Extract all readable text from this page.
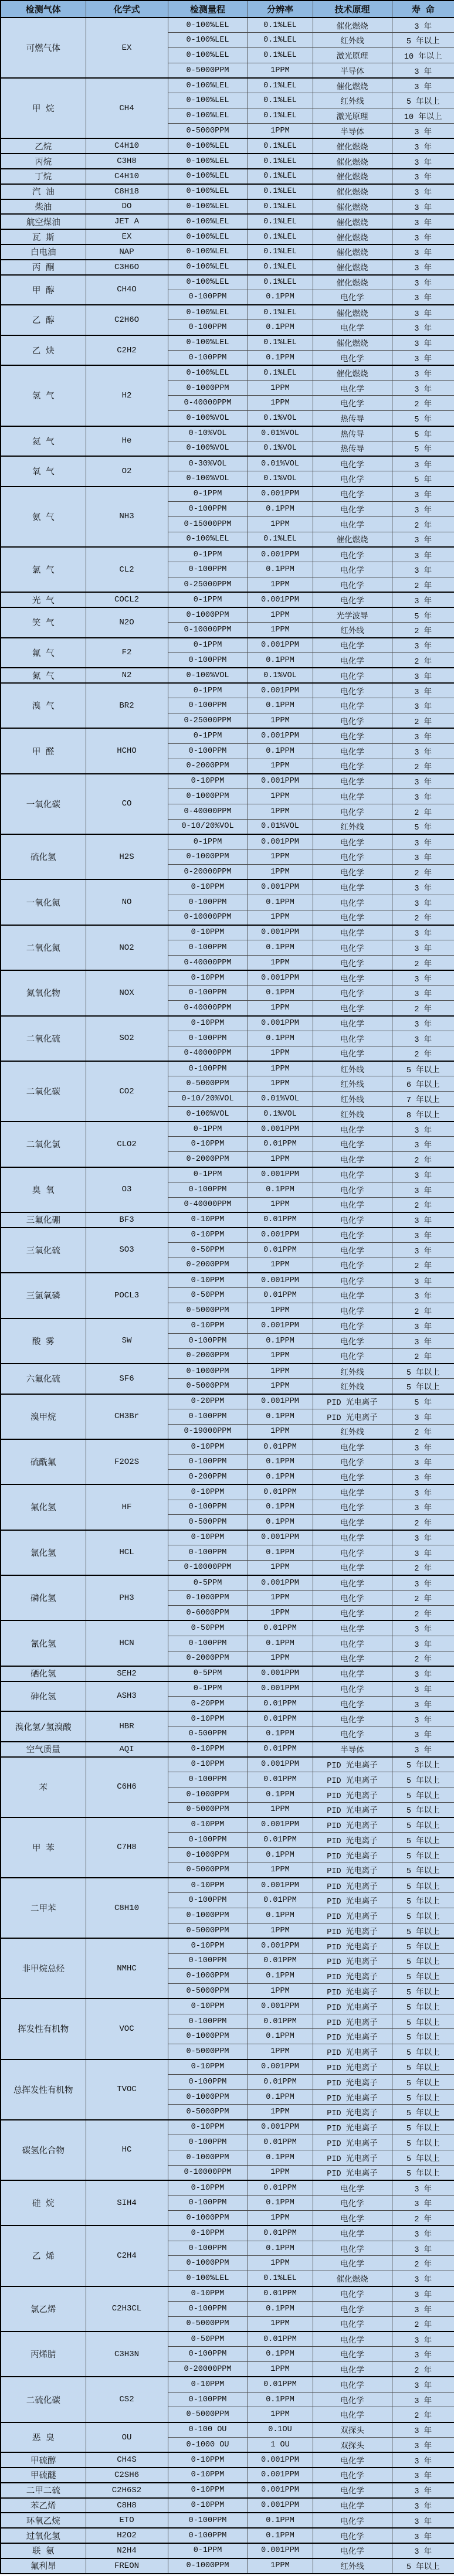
检测气体	化学式	检测量程	分辨率	技术原理	寿 命
可燃气体	EX	0-100%LEL	0.1%LEL	催化燃烧	3 年
		0-100%LEL	0.1%LEL	红外线	5 年以上
		0-100%LEL	0.1%LEL	激光原理	10 年以上
		0-5000PPM	1PPM	半导体	3 年
甲 烷	CH4	0-100%LEL	0.1%LEL	催化燃烧	3 年
		0-100%LEL	0.1%LEL	红外线	5 年以上
		0-100%LEL	0.1%LEL	激光原理	10 年以上
		0-5000PPM	1PPM	半导体	3 年
乙烷	C4H10	0-100%LEL	0.1%LEL	催化燃烧	3 年
丙烷	C3H8	0-100%LEL	0.1%LEL	催化燃烧	3 年
丁烷	C4H10	0-100%LEL	0.1%LEL	催化燃烧	3 年
汽 油	C8H18	0-100%LEL	0.1%LEL	催化燃烧	3 年
柴油	DO	0-100%LEL	0.1%LEL	催化燃烧	3 年
航空煤油	JET A	0-100%LEL	0.1%LEL	催化燃烧	3 年
瓦 斯	EX	0-100%LEL	0.1%LEL	催化燃烧	3 年
白电油	NAP	0-100%LEL	0.1%LEL	催化燃烧	3 年
丙 酮	C3H6O	0-100%LEL	0.1%LEL	催化燃烧	3 年
甲 醇	CH4O	0-100%LEL	0.1%LEL	催化燃烧	3 年
		0-100PPM	0.1PPM	电化学	3 年
乙 醇	C2H6O	0-100%LEL	0.1%LEL	催化燃烧	3 年
		0-100PPM	0.1PPM	电化学	3 年
乙 炔	C2H2	0-100%LEL	0.1%LEL	催化燃烧	3 年
		0-100PPM	0.1PPM	电化学	3 年
氢 气	H2	0-100%LEL	0.1%LEL	催化燃烧	3 年
		0-1000PPM	1PPM	电化学	3 年
		0-40000PPM	1PPM	电化学	2 年
		0-100%VOL	0.1%VOL	热传导	5 年
氦 气	He	0-10%VOL	0.01%VOL	热传导	5 年
		0-100%VOL	0.1%VOL	热传导	5 年
氧 气	O2	0-30%VOL	0.01%VOL	电化学	3 年
		0-100%VOL	0.1%VOL	电化学	5 年
氨 气	NH3	0-1PPM	0.001PPM	电化学	3 年
		0-100PPM	0.1PPM	电化学	3 年
		0-15000PPM	1PPM	电化学	2 年
		0-100%LEL	0.1%LEL	催化燃烧	3 年
氯 气	CL2	0-1PPM	0.001PPM	电化学	3 年
		0-100PPM	0.1PPM	电化学	3 年
		0-25000PPM	1PPM	电化学	2 年
光 气	COCL2	0-1PPM	0.001PPM	电化学	3 年
笑 气	N2O	0-1000PPM	1PPM	光学波导	5 年
		0-10000PPM	1PPM	红外线	2 年
氟 气	F2	0-1PPM	0.001PPM	电化学	3 年
		0-100PPM	0.1PPM	电化学	2 年
氮 气	N2	0-100%VOL	0.1%VOL	电化学	3 年
溴 气	BR2	0-1PPM	0.001PPM	电化学	3 年
		0-100PPM	0.1PPM	电化学	3 年
		0-25000PPM	1PPM	电化学	2 年
甲 醛	HCHO	0-1PPM	0.001PPM	电化学	3 年
		0-100PPM	0.1PPM	电化学	3 年
		0-2000PPM	1PPM	电化学	2 年
一氧化碳	CO	0-10PPM	0.001PPM	电化学	3 年
		0-1000PPM	1PPM	电化学	3 年
		0-40000PPM	1PPM	电化学	2 年
		0-10/20%VOL	0.01%VOL	红外线	5 年
硫化氢	H2S	0-1PPM	0.001PPM	电化学	3 年
		0-1000PPM	1PPM	电化学	3 年
		0-20000PPM	1PPM	电化学	2 年
一氧化氮	NO	0-10PPM	0.001PPM	电化学	3 年
		0-100PPM	0.1PPM	电化学	3 年
		0-10000PPM	1PPM	电化学	2 年
二氧化氮	NO2	0-10PPM	0.001PPM	电化学	3 年
		0-100PPM	0.1PPM	电化学	3 年
		0-40000PPM	1PPM	电化学	2 年
氮氧化物	NOX	0-10PPM	0.001PPM	电化学	3 年
		0-100PPM	0.1PPM	电化学	3 年
		0-40000PPM	1PPM	电化学	2 年
二氧化硫	SO2	0-10PPM	0.001PPM	电化学	3 年
		0-100PPM	0.1PPM	电化学	3 年
		0-40000PPM	1PPM	电化学	2 年
二氧化碳	CO2	0-100PPM	1PPM	红外线	5 年以上
		0-5000PPM	1PPM	红外线	6 年以上
		0-10/20%VOL	0.01%VOL	红外线	7 年以上
		0-100%VOL	0.1%VOL	红外线	8 年以上
二氧化氯	CLO2	0-1PPM	0.001PPM	电化学	3 年
		0-10PPM	0.01PPM	电化学	3 年
		0-2000PPM	1PPM	电化学	2 年
臭 氧	O3	0-1PPM	0.001PPM	电化学	3 年
		0-100PPM	0.1PPM	电化学	3 年
		0-40000PPM	1PPM	电化学	2 年
三氟化硼	BF3	0-10PPM	0.01PPM	电化学	3 年
三氧化硫	SO3	0-10PPM	0.001PPM	电化学	3 年
		0-50PPM	0.01PPM	电化学	3 年
		0-2000PPM	1PPM	电化学	2 年
三氯氧磷	POCL3	0-10PPM	0.001PPM	电化学	3 年
		0-50PPM	0.01PPM	电化学	3 年
		0-5000PPM	1PPM	电化学	2 年
酸 雾	SW	0-10PPM	0.001PPM	电化学	3 年
		0-100PPM	0.1PPM	电化学	3 年
		0-2000PPM	1PPM	电化学	2 年
六氟化硫	SF6	0-1000PPM	1PPM	红外线	5 年以上
		0-5000PPM	1PPM	红外线	5 年以上
溴甲烷	CH3Br	0-20PPM	0.001PPM	PID 光电离子	5 年
		0-100PPM	0.1PPM	PID 光电离子	3 年
		0-19000PPM	1PPM	红外线	2 年
硫酰氟	F2O2S	0-10PPM	0.01PPM	电化学	3 年
		0-100PPM	0.1PPM	电化学	3 年
		0-200PPM	0.1PPM	电化学	3 年
氟化氢	HF	0-10PPM	0.01PPM	电化学	3 年
		0-100PPM	0.1PPM	电化学	3 年
		0-500PPM	0.1PPM	电化学	2 年
氯化氢	HCL	0-10PPM	0.001PPM	电化学	3 年
		0-100PPM	0.1PPM	电化学	3 年
		0-10000PPM	1PPM	电化学	2 年
磷化氢	PH3	0-5PPM	0.001PPM	电化学	3 年
		0-1000PPM	1PPM	电化学	2 年
		0-6000PPM	1PPM	电化学	2 年
氰化氢	HCN	0-50PPM	0.01PPM	电化学	3 年
		0-100PPM	0.1PPM	电化学	3 年
		0-2000PPM	1PPM	电化学	2 年
硒化氢	SEH2	0-5PPM	0.001PPM	电化学	3 年
砷化氢	ASH3	0-1PPM	0.001PPM	电化学	3 年
		0-20PPM	0.01PPM	电化学	3 年
溴化氢/氢溴酸	HBR	0-10PPM	0.01PPM	电化学	3 年
		0-500PPM	0.1PPM	电化学	3 年
空气质量	AQI	0-10PPM	0.01PPM	半导体	3 年
苯	C6H6	0-10PPM	0.001PPM	PID 光电离子	5 年以上
		0-100PPM	0.01PPM	PID 光电离子	5 年以上
		0-1000PPM	0.1PPM	PID 光电离子	5 年以上
		0-5000PPM	1PPM	PID 光电离子	5 年以上
甲 苯	C7H8	0-10PPM	0.001PPM	PID 光电离子	5 年以上
		0-100PPM	0.01PPM	PID 光电离子	5 年以上
		0-1000PPM	0.1PPM	PID 光电离子	5 年以上
		0-5000PPM	1PPM	PID 光电离子	5 年以上
二甲苯	C8H10	0-10PPM	0.001PPM	PID 光电离子	5 年以上
		0-100PPM	0.01PPM	PID 光电离子	5 年以上
		0-1000PPM	0.1PPM	PID 光电离子	5 年以上
		0-5000PPM	1PPM	PID 光电离子	5 年以上
非甲烷总烃	NMHC	0-10PPM	0.001PPM	PID 光电离子	5 年以上
		0-100PPM	0.01PPM	PID 光电离子	5 年以上
		0-1000PPM	0.1PPM	PID 光电离子	5 年以上
		0-5000PPM	1PPM	PID 光电离子	5 年以上
挥发性有机物	VOC	0-10PPM	0.001PPM	PID 光电离子	5 年以上
		0-100PPM	0.01PPM	PID 光电离子	5 年以上
		0-1000PPM	0.1PPM	PID 光电离子	5 年以上
		0-5000PPM	1PPM	PID 光电离子	5 年以上
总挥发性有机物	TVOC	0-10PPM	0.001PPM	PID 光电离子	5 年以上
		0-100PPM	0.01PPM	PID 光电离子	5 年以上
		0-1000PPM	0.1PPM	PID 光电离子	5 年以上
		0-5000PPM	1PPM	PID 光电离子	5 年以上
碳氢化合物	HC	0-10PPM	0.001PPM	PID 光电离子	5 年以上
		0-100PPM	0.01PPM	PID 光电离子	5 年以上
		0-1000PPM	0.1PPM	PID 光电离子	5 年以上
		0-10000PPM	1PPM	PID 光电离子	5 年以上
硅 烷	SIH4	0-10PPM	0.01PPM	电化学	3 年
		0-100PPM	0.1PPM	电化学	3 年
		0-1000PPM	1PPM	电化学	2 年
乙 烯	C2H4	0-10PPM	0.01PPM	电化学	3 年
		0-100PPM	0.1PPM	电化学	3 年
		0-1000PPM	1PPM	电化学	2 年
		0-100%LEL	0.1%LEL	催化燃烧	3 年
氯乙烯	C2H3CL	0-10PPM	0.01PPM	电化学	3 年
		0-100PPM	0.1PPM	电化学	3 年
		0-5000PPM	1PPM	电化学	2 年
丙烯腈	C3H3N	0-50PPM	0.01PPM	电化学	3 年
		0-100PPM	0.1PPM	电化学	3 年
		0-20000PPM	1PPM	电化学	2 年
二硫化碳	CS2	0-10PPM	0.01PPM	电化学	3 年
		0-100PPM	0.1PPM	电化学	3 年
		0-5000PPM	1PPM	电化学	2 年
恶 臭	OU	0-100 OU	0.1OU	双探头	3 年
		0-1000 OU	1 OU	双探头	3 年
甲硫醇	CH4S	0-10PPM	0.001PPM	电化学	3 年
甲硫醚	C2SH6	0-10PPM	0.001PPM	电化学	3 年
二甲二硫	C2H6S2	0-10PPM	0.001PPM	电化学	3 年
苯乙烯	C8H8	0-10PPM	0.001PPM	电化学	3 年
环氧乙烷	ETO	0-100PPM	0.1PPM	电化学	3 年
过氧化氢	H2O2	0-100PPM	0.1PPM	电化学	3 年
联 氨	N2H4	0-1PPM	0.001PPM	电化学	3 年
氟利昂	FREON	0-1000PPM	1PPM	红外线	5 年以上
